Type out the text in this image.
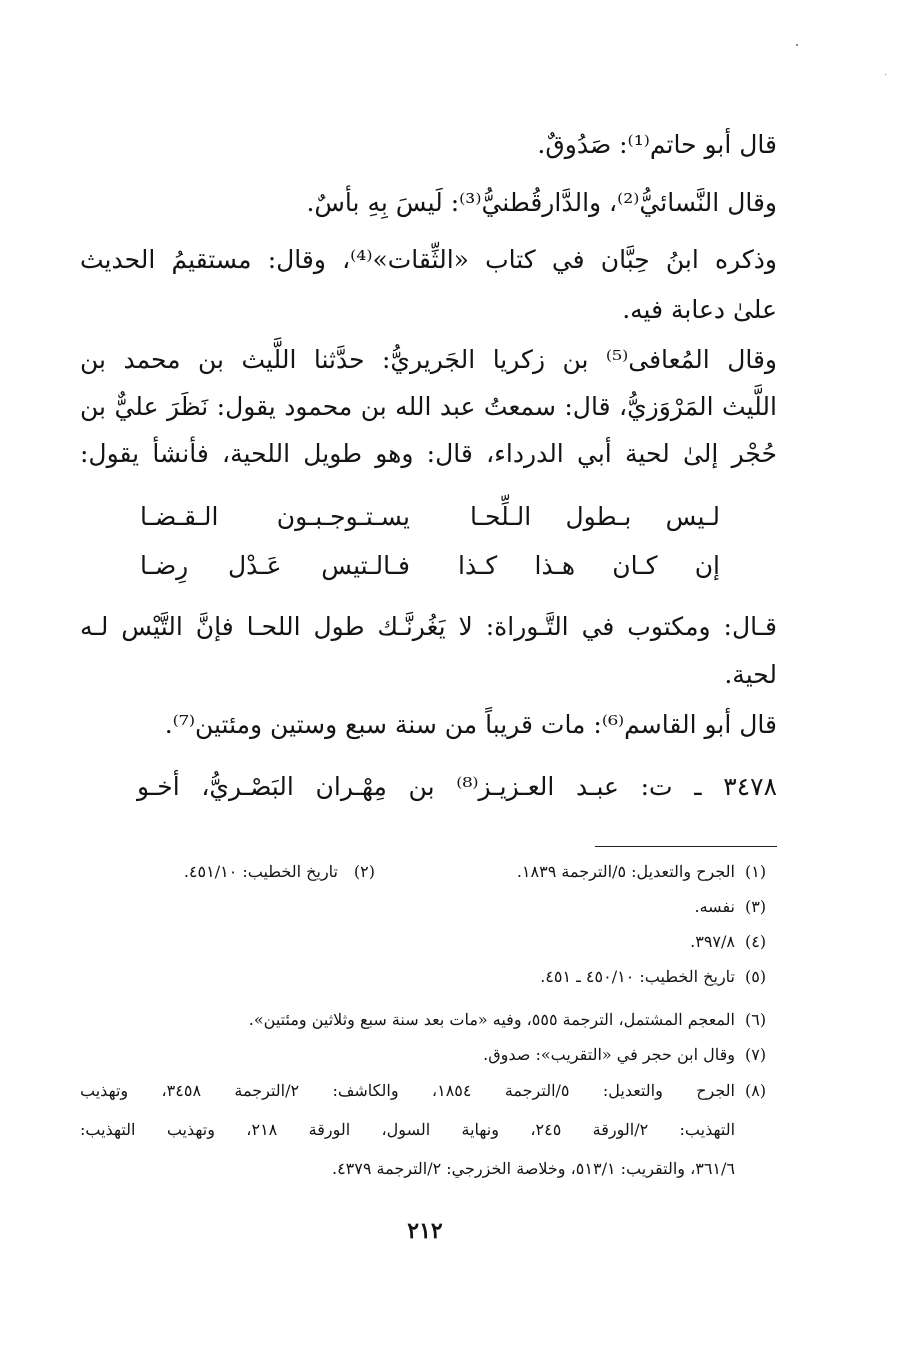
قال أبو حاتم⁽¹⁾: صَدُوقٌ.
وقال النَّسائيُّ⁽²⁾، والدَّارقُطنيُّ⁽³⁾: لَيسَ بِهِ بأسٌ.
وذكره ابنُ حِبَّان في كتاب «الثِّقات»⁽⁴⁾، وقال: مستقيمُ الحديث
علىٰ دعابة فيه.
وقال المُعافى⁽⁵⁾ بن زكريا الجَريريُّ: حدَّثنا اللَّيث بن محمد بن
اللَّيث المَرْوَزيُّ، قال: سمعتُ عبد الله بن محمود يقول: نَظَرَ عليٌّ بن
حُجْر إلىٰ لحية أبي الدرداء، قال: وهو طويل اللحية، فأنشأ يقول:
لـيس بـطول الـلِّحـا
يسـتـوجـبـون الـقـضـا
إن كـان هـذا كـذا
فـالـتيس عَـدْل رِضـا
قـال: ومكتوب في التَّـوراة: لا يَغُرنَّـك طول اللحـا فإنَّ التَّيْس لـه
لحية.
قال أبو القاسم⁽⁶⁾: مات قريباً من سنة سبع وستين ومئتين⁽⁷⁾.
٣٤٧٨ ـ ت: عبـد العـزيـز⁽⁸⁾ بن مِهْـران البَصْـريُّ، أخـو
(١)
الجرح والتعديل: ٥/الترجمة ١٨٣٩.
(٢)
تاريخ الخطيب: ٤٥١/١٠.
(٣)
نفسه.
(٤)
٣٩٧/٨.
(٥)
تاريخ الخطيب: ٤٥٠/١٠ ـ ٤٥١.
(٦)
المعجم المشتمل، الترجمة ٥٥٥، وفيه «مات بعد سنة سبع وثلاثين ومئتين».
(٧)
وقال ابن حجر في «التقريب»: صدوق.
(٨)
الجرح والتعديل: ٥/الترجمة ١٨٥٤، والكاشف: ٢/الترجمة ٣٤٥٨، وتهذيب
التهذيب: ٢/الورقة ٢٤٥، ونهاية السول، الورقة ٢١٨، وتهذيب التهذيب:
٣٦١/٦، والتقريب: ٥١٣/١، وخلاصة الخزرجي: ٢/الترجمة ٤٣٧٩.
٢١٢
